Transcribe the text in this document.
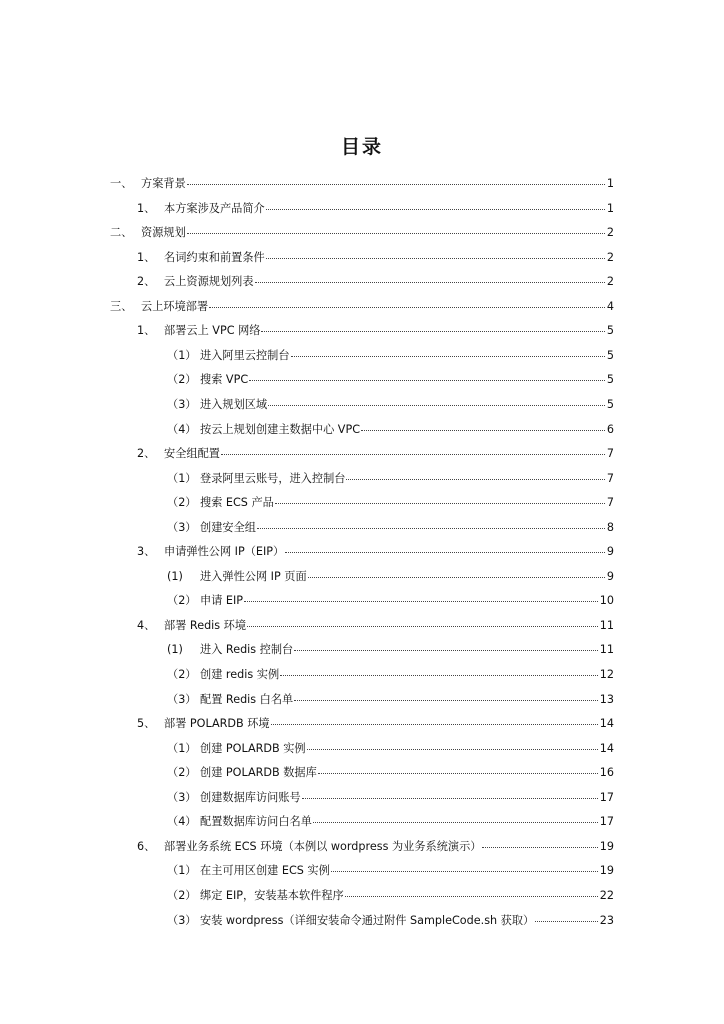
目录
一、 方案背景	1
1、 本方案涉及产品简介	1
二、 资源规划	2
1、 名词约束和前置条件	2
2、 云上资源规划列表	2
三、 云上环境部署	4
1、 部署云上 VPC 网络	5
（1） 进入阿里云控制台	5
（2） 搜索 VPC	5
（3） 进入规划区域	5
（4） 按云上规划创建主数据中心 VPC	6
2、 安全组配置	7
（1） 登录阿里云账号，进入控制台	7
（2） 搜索 ECS 产品	7
（3） 创建安全组	8
3、 申请弹性公网 IP（EIP）	9
(1)	进入弹性公网 IP 页面	9
（2） 申请 EIP	10
4、 部署 Redis 环境	11
(1)	进入 Redis 控制台	11
（2） 创建 redis 实例	12
（3） 配置 Redis 白名单	13
5、 部署 POLARDB 环境	14
（1） 创建 POLARDB 实例	14
（2） 创建 POLARDB 数据库	16
（3） 创建数据库访问账号	17
（4） 配置数据库访问白名单	17
6、 部署业务系统 ECS 环境（本例以 wordpress 为业务系统演示）	19
（1） 在主可用区创建 ECS 实例	19
（2） 绑定 EIP，安装基本软件程序	22
（3） 安装 wordpress（详细安装命令通过附件 SampleCode.sh 获取）	23
